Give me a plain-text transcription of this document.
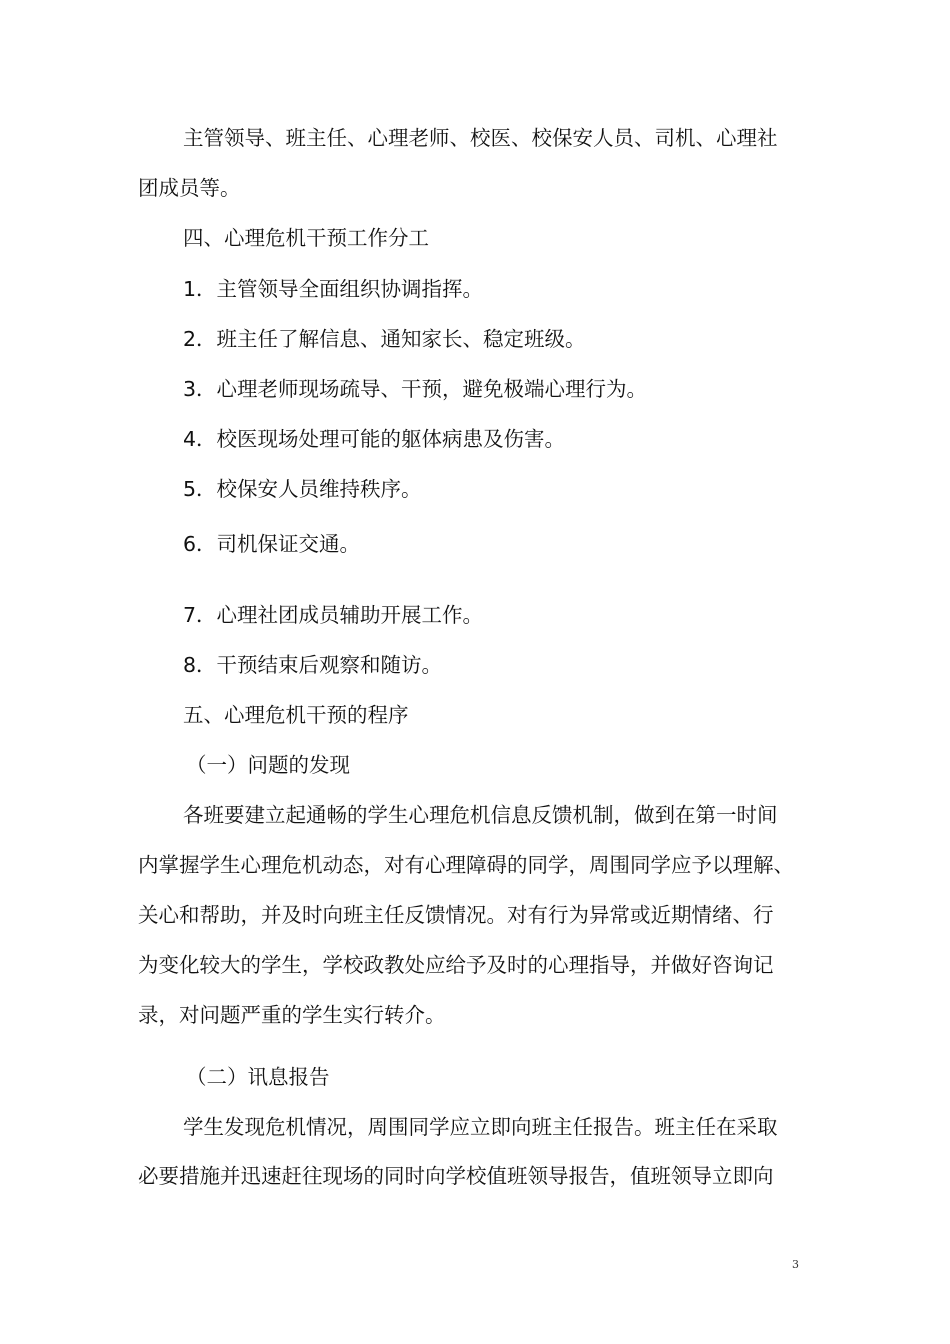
主管领导、班主任、心理老师、校医、校保安人员、司机、心理社

团成员等。

四、心理危机干预工作分工

1．主管领导全面组织协调指挥。

2．班主任了解信息、通知家长、稳定班级。

3．心理老师现场疏导、干预，避免极端心理行为。

4．校医现场处理可能的躯体病患及伤害。

5．校保安人员维持秩序。

6．司机保证交通。

7．心理社团成员辅助开展工作。

8．干预结束后观察和随访。

五、心理危机干预的程序

（一）问题的发现

各班要建立起通畅的学生心理危机信息反馈机制，做到在第一时间

内掌握学生心理危机动态，对有心理障碍的同学，周围同学应予以理解、

关心和帮助，并及时向班主任反馈情况。对有行为异常或近期情绪、行

为变化较大的学生，学校政教处应给予及时的心理指导，并做好咨询记

录，对问题严重的学生实行转介。

（二）讯息报告

学生发现危机情况，周围同学应立即向班主任报告。班主任在采取

必要措施并迅速赶往现场的同时向学校值班领导报告，值班领导立即向

3
